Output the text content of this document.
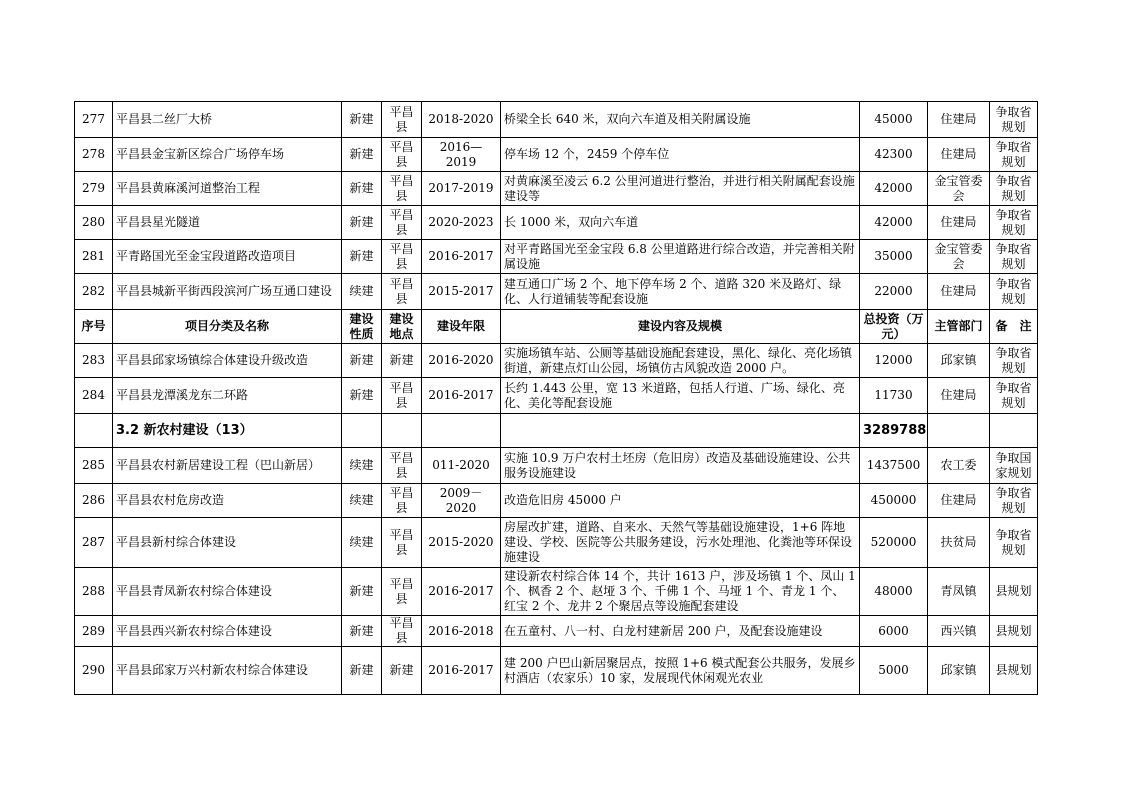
277	平昌县二丝厂大桥	新建	平昌县	2018-2020	桥梁全长 640 米，双向六车道及相关附属设施	45000	住建局	争取省规划
278	平昌县金宝新区综合广场停车场	新建	平昌县	2016—2019	停车场 12 个，2459 个停车位	42300	住建局	争取省规划
279	平昌县黄麻溪河道整治工程	新建	平昌县	2017-2019	对黄麻溪至凌云 6.2 公里河道进行整治，并进行相关附属配套设施建设等	42000	金宝管委会	争取省规划
280	平昌县星光隧道	新建	平昌县	2020-2023	长 1000 米，双向六车道	42000	住建局	争取省规划
281	平青路国光至金宝段道路改造项目	新建	平昌县	2016-2017	对平青路国光至金宝段 6.8 公里道路进行综合改造，并完善相关附属设施	35000	金宝管委会	争取省规划
282	平昌县城新平街西段滨河广场互通口建设	续建	平昌县	2015-2017	建互通口广场 2 个、地下停车场 2 个、道路 320 米及路灯、绿化、人行道铺装等配套设施	22000	住建局	争取省规划
序号	项目分类及名称	建设性质	建设地点	建设年限	建设内容及规模	总投资（万元）	主管部门	备　注
283	平昌县邱家场镇综合体建设升级改造	新建	新建	2016-2020	实施场镇车站、公厕等基础设施配套建设，黑化、绿化、亮化场镇街道，新建点灯山公园，场镇仿古风貌改造 2000 户。	12000	邱家镇	争取省规划
284	平昌县龙潭溪龙东二环路	新建	平昌县	2016-2017	长约 1.443 公里，宽 13 米道路，包括人行道、广场、绿化、亮化、美化等配套设施	11730	住建局	争取省规划
	3.2 新农村建设（13）					3289788		
285	平昌县农村新居建设工程（巴山新居）	续建	平昌县	011-2020	实施 10.9 万户农村土坯房（危旧房）改造及基础设施建设、公共服务设施建设	1437500	农工委	争取国家规划
286	平昌县农村危房改造	续建	平昌县	2009－2020	改造危旧房 45000 户	450000	住建局	争取省规划
287	平昌县新村综合体建设	续建	平昌县	2015-2020	房屋改扩建，道路、自来水、天然气等基础设施建设，1+6 阵地建设、学校、医院等公共服务建设，污水处理池、化粪池等环保设施建设	520000	扶贫局	争取省规划
288	平昌县青凤新农村综合体建设	新建	平昌县	2016-2017	建设新农村综合体 14 个，共计 1613 户，涉及场镇 1 个、凤山 1 个、枫香 2 个、赵垭 3 个、千佛 1 个、马垭 1 个、青龙 1 个、红宝 2 个、龙井 2 个聚居点等设施配套建设	48000	青凤镇	县规划
289	平昌县西兴新农村综合体建设	新建	平昌县	2016-2018	在五童村、八一村、白龙村建新居 200 户，及配套设施建设	6000	西兴镇	县规划
290	平昌县邱家万兴村新农村综合体建设	新建	新建	2016-2017	建 200 户巴山新居聚居点，按照 1+6 模式配套公共服务，发展乡村酒店（农家乐）10 家，发展现代休闲观光农业	5000	邱家镇	县规划
